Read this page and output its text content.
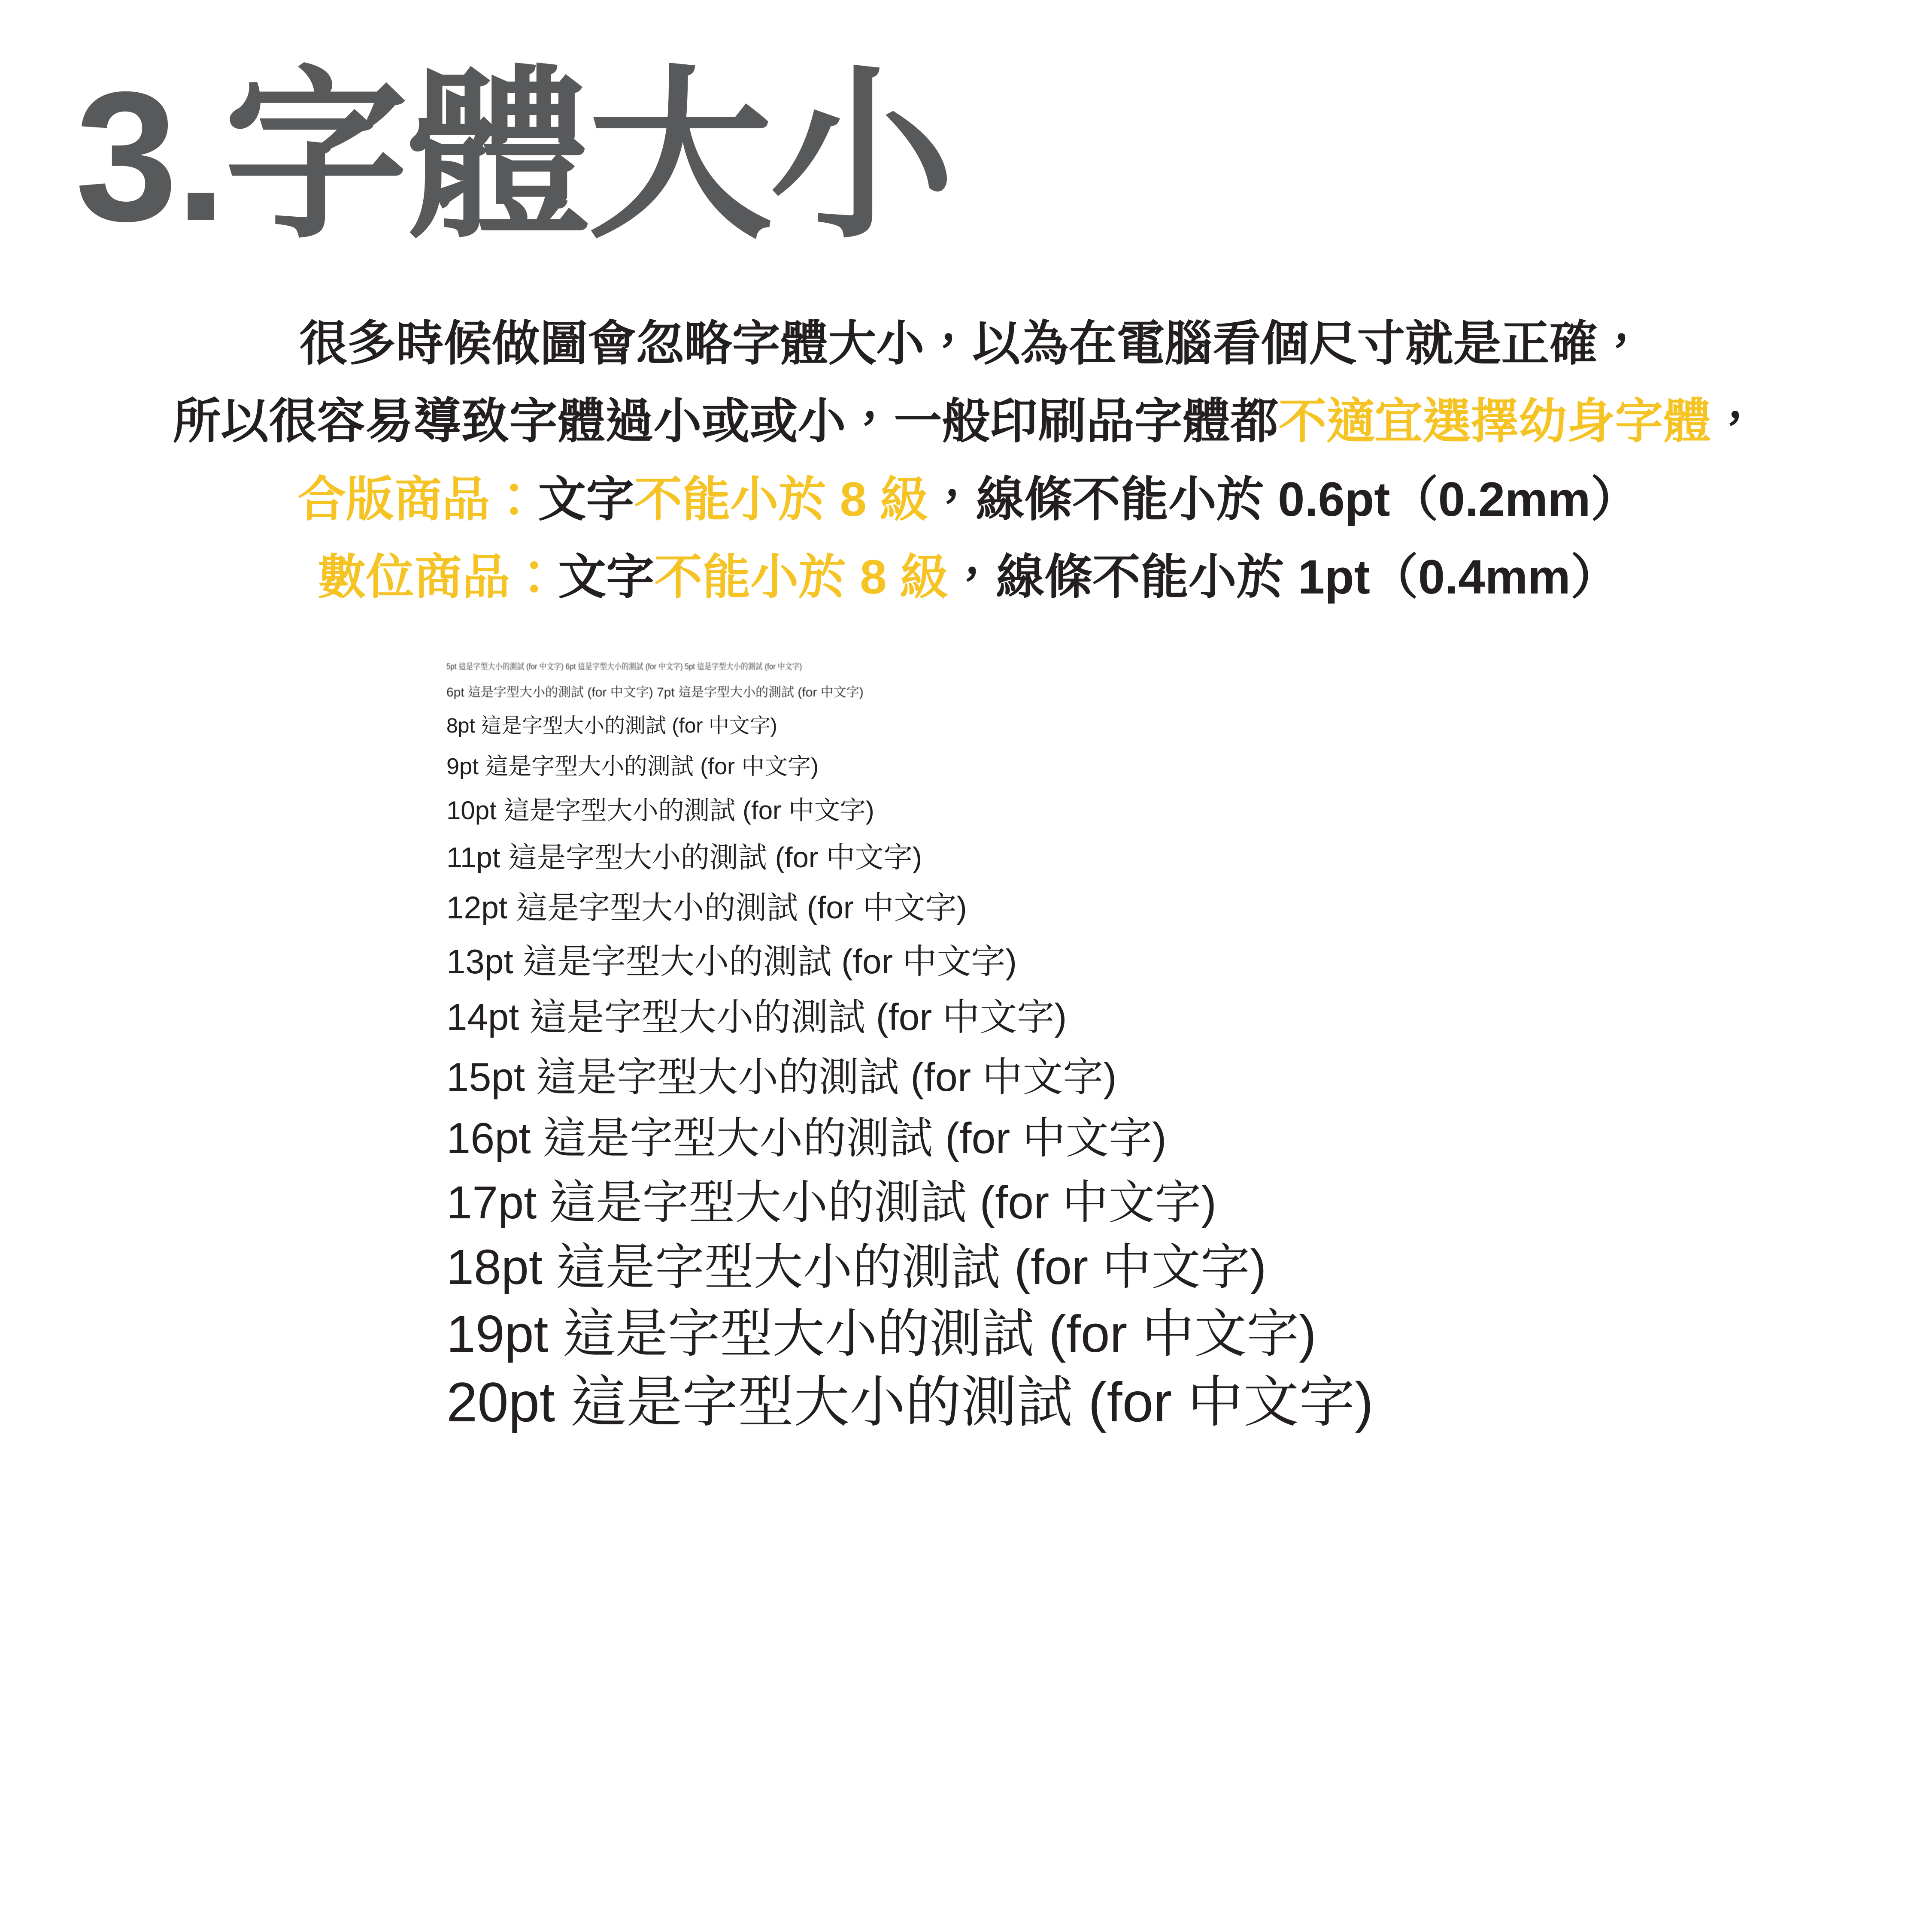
3.字體大小
很多時候做圖會忽略字體大小，以為在電腦看個尺寸就是正確，
所以很容易導致字體過小或或小，一般印刷品字體都不適宜選擇幼身字體，
合版商品：文字不能小於 8 級，線條不能小於 0.6pt（0.2mm）
數位商品：文字不能小於 8 級，線條不能小於 1pt（0.4mm）
5pt 這是字型大小的測試 (for 中文字) 6pt 這是字型大小的測試 (for 中文字) 5pt 這是字型大小的測試 (for 中文字)
6pt 這是字型大小的測試 (for 中文字) 7pt 這是字型大小的測試 (for 中文字)
8pt 這是字型大小的測試 (for 中文字)
9pt 這是字型大小的測試 (for 中文字)
10pt 這是字型大小的測試 (for 中文字)
11pt 這是字型大小的測試 (for 中文字)
12pt 這是字型大小的測試 (for 中文字)
13pt 這是字型大小的測試 (for 中文字)
14pt 這是字型大小的測試 (for 中文字)
15pt 這是字型大小的測試 (for 中文字)
16pt 這是字型大小的測試 (for 中文字)
17pt 這是字型大小的測試 (for 中文字)
18pt 這是字型大小的測試 (for 中文字)
19pt 這是字型大小的測試 (for 中文字)
20pt 這是字型大小的測試 (for 中文字)
